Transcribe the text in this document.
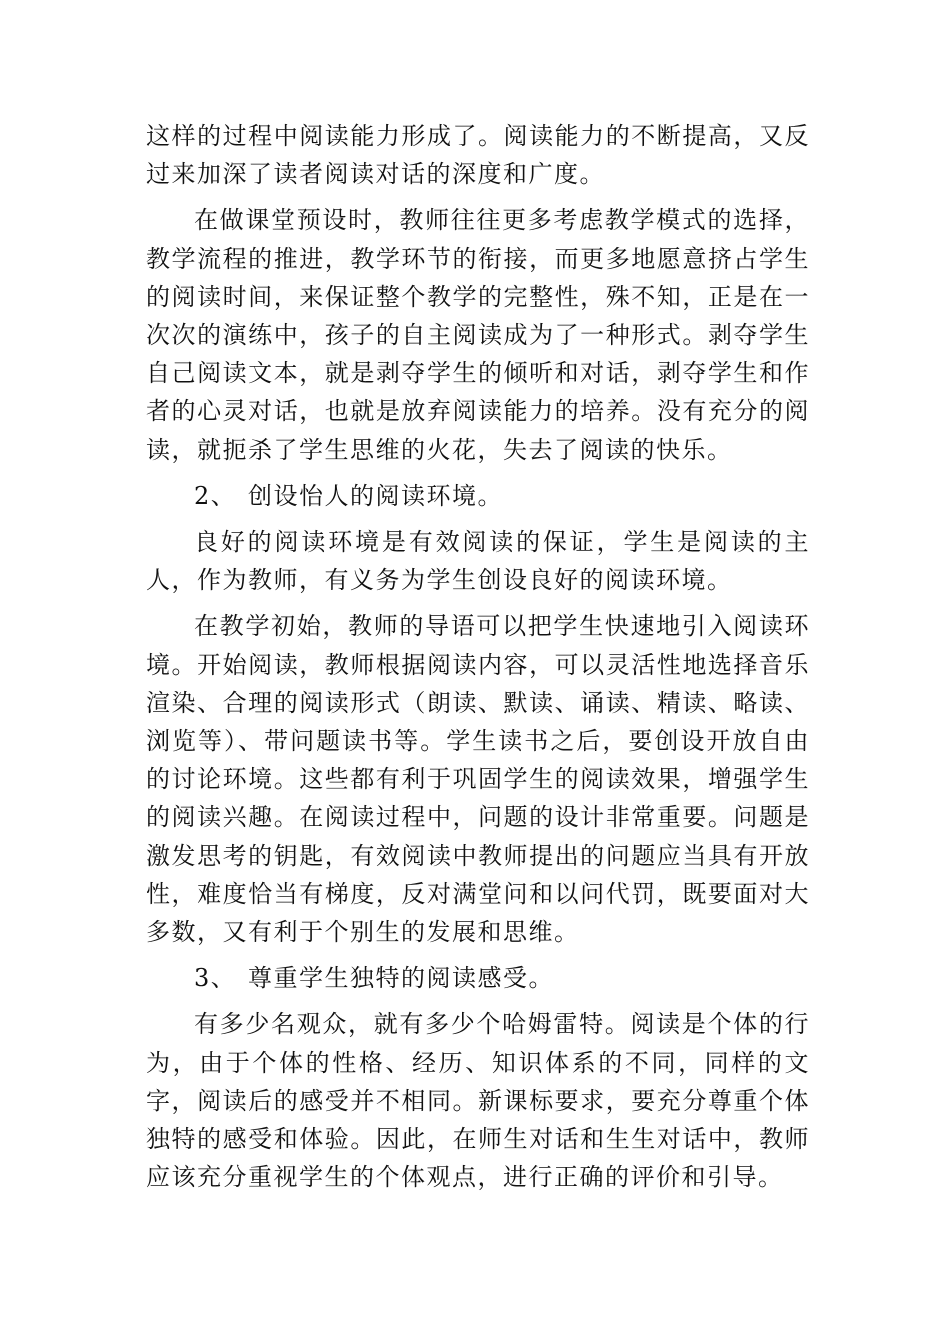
这样的过程中阅读能力形成了。阅读能力的不断提高，又反过来加深了读者阅读对话的深度和广度。

在做课堂预设时，教师往往更多考虑教学模式的选择，教学流程的推进，教学环节的衔接，而更多地愿意挤占学生的阅读时间，来保证整个教学的完整性，殊不知，正是在一次次的演练中，孩子的自主阅读成为了一种形式。剥夺学生自己阅读文本，就是剥夺学生的倾听和对话，剥夺学生和作者的心灵对话，也就是放弃阅读能力的培养。没有充分的阅读，就扼杀了学生思维的火花，失去了阅读的快乐。

2、 创设怡人的阅读环境。

良好的阅读环境是有效阅读的保证，学生是阅读的主人，作为教师，有义务为学生创设良好的阅读环境。

在教学初始，教师的导语可以把学生快速地引入阅读环境。开始阅读，教师根据阅读内容，可以灵活性地选择音乐渲染、合理的阅读形式（朗读、默读、诵读、精读、略读、浏览等）、带问题读书等。学生读书之后，要创设开放自由的讨论环境。这些都有利于巩固学生的阅读效果，增强学生的阅读兴趣。在阅读过程中，问题的设计非常重要。问题是激发思考的钥匙，有效阅读中教师提出的问题应当具有开放性，难度恰当有梯度，反对满堂问和以问代罚，既要面对大多数，又有利于个别生的发展和思维。

3、 尊重学生独特的阅读感受。

有多少名观众，就有多少个哈姆雷特。阅读是个体的行为，由于个体的性格、经历、知识体系的不同，同样的文字，阅读后的感受并不相同。新课标要求，要充分尊重个体独特的感受和体验。因此，在师生对话和生生对话中，教师应该充分重视学生的个体观点，进行正确的评价和引导。
